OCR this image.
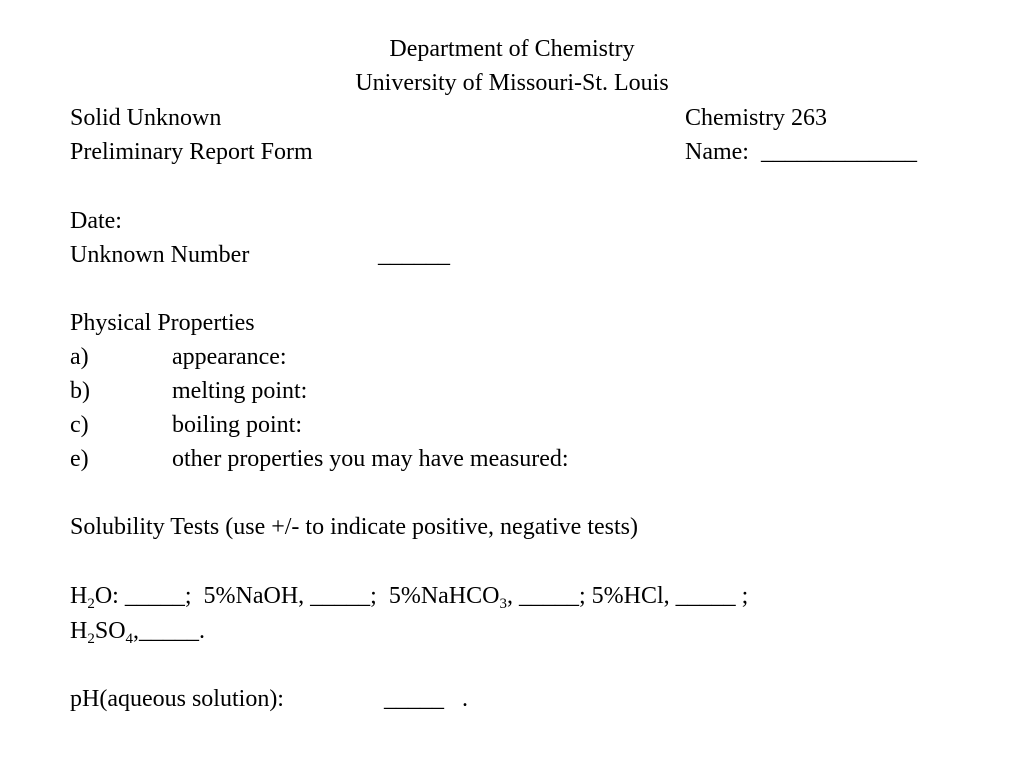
Department of Chemistry
University of Missouri-St. Louis
Solid Unknown	Chemistry 263
Preliminary Report Form	Name:  _____________
Date:
Unknown Number	______
Physical Properties
a)	appearance:
b)	melting point:
c)	boiling point:
e)	other properties you may have measured:
Solubility Tests (use +/- to indicate positive, negative tests)
$H_2O$: _____;  5%NaOH, _____;  5%NaHCO$_3$, _____; 5%HCl, _____ ;
$H_2SO_4,\_\_\_\_\_$.
pH(aqueous solution):	_____   .
